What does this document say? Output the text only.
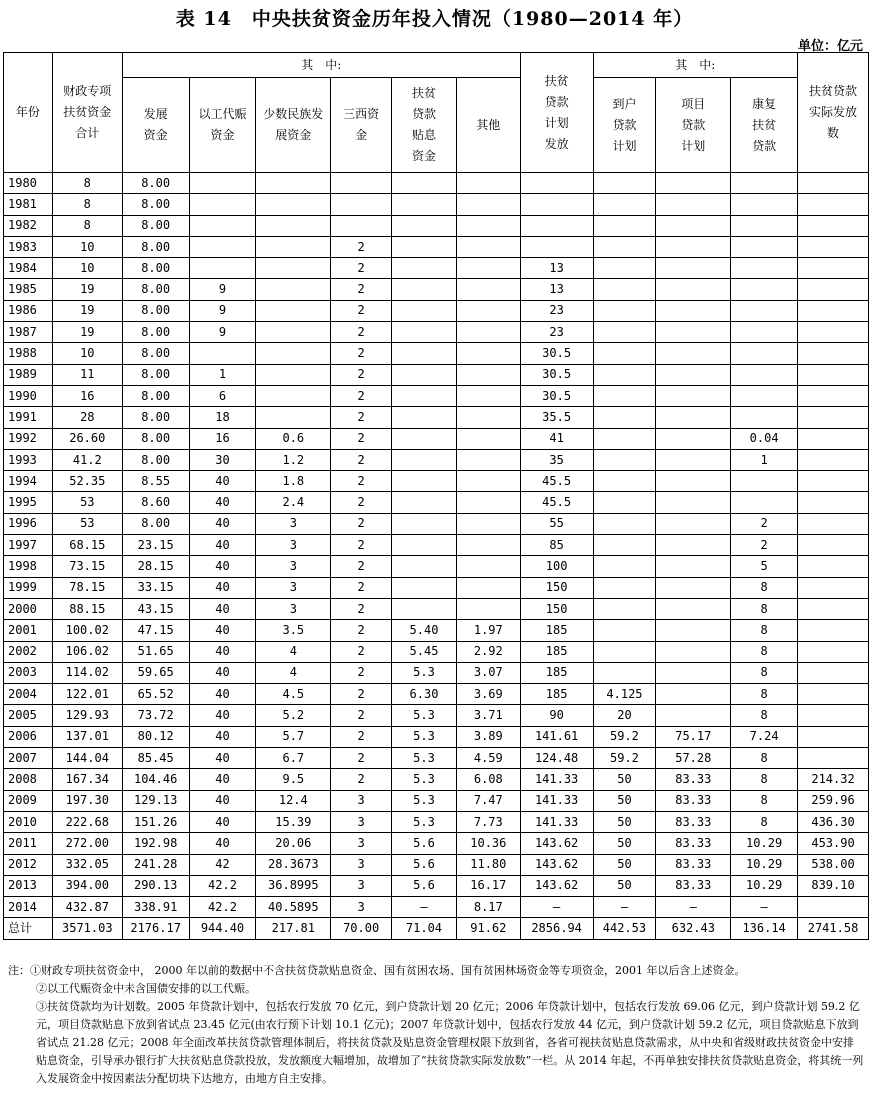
表 14　中央扶贫资金历年投入情况（1980—2014 年）
单位：亿元
年份	财政专项扶贫资金合计	其　中:						扶贫贷款计划发放	其　中:			扶贫贷款实际发放数
		发展资金	以工代赈资金	少数民族发展资金	三西资金	扶贫贷款贴息资金	其他		到户贷款计划	项目贷款计划	康复扶贫贷款	
1980	8	8.00										
1981	8	8.00										
1982	8	8.00										
1983	10	8.00			2							
1984	10	8.00			2			13				
1985	19	8.00	9		2			13				
1986	19	8.00	9		2			23				
1987	19	8.00	9		2			23				
1988	10	8.00			2			30.5				
1989	11	8.00	1		2			30.5				
1990	16	8.00	6		2			30.5				
1991	28	8.00	18		2			35.5				
1992	26.60	8.00	16	0.6	2			41			0.04	
1993	41.2	8.00	30	1.2	2			35			1	
1994	52.35	8.55	40	1.8	2			45.5				
1995	53	8.60	40	2.4	2			45.5				
1996	53	8.00	40	3	2			55			2	
1997	68.15	23.15	40	3	2			85			2	
1998	73.15	28.15	40	3	2			100			5	
1999	78.15	33.15	40	3	2			150			8	
2000	88.15	43.15	40	3	2			150			8	
2001	100.02	47.15	40	3.5	2	5.40	1.97	185			8	
2002	106.02	51.65	40	4	2	5.45	2.92	185			8	
2003	114.02	59.65	40	4	2	5.3	3.07	185			8	
2004	122.01	65.52	40	4.5	2	6.30	3.69	185	4.125		8	
2005	129.93	73.72	40	5.2	2	5.3	3.71	90	20		8	
2006	137.01	80.12	40	5.7	2	5.3	3.89	141.61	59.2	75.17	7.24	
2007	144.04	85.45	40	6.7	2	5.3	4.59	124.48	59.2	57.28	8	
2008	167.34	104.46	40	9.5	2	5.3	6.08	141.33	50	83.33	8	214.32
2009	197.30	129.13	40	12.4	3	5.3	7.47	141.33	50	83.33	8	259.96
2010	222.68	151.26	40	15.39	3	5.3	7.73	141.33	50	83.33	8	436.30
2011	272.00	192.98	40	20.06	3	5.6	10.36	143.62	50	83.33	10.29	453.90
2012	332.05	241.28	42	28.3673	3	5.6	11.80	143.62	50	83.33	10.29	538.00
2013	394.00	290.13	42.2	36.8995	3	5.6	16.17	143.62	50	83.33	10.29	839.10
2014	432.87	338.91	42.2	40.5895	3	—	8.17	—	—	—	—	
总计	3571.03	2176.17	944.40	217.81	70.00	71.04	91.62	2856.94	442.53	632.43	136.14	2741.58

注：①财政专项扶贫资金中， 2000 年以前的数据中不含扶贫贷款贴息资金、国有贫困农场、国有贫困林场资金等专项资金，2001 年以后含上述资金。

②以工代赈资金中未含国债安排的以工代赈。

③扶贫贷款均为计划数。2005 年贷款计划中，包括农行发放 70 亿元，到户贷款计划 20 亿元；2006 年贷款计划中，包括农行发放 69.06 亿元，到户贷款计划 59.2 亿元，项目贷款贴息下放到省试点 23.45 亿元(由农行预下计划 10.1 亿元)；2007 年贷款计划中，包括农行发放 44 亿元，到户贷款计划 59.2 亿元，项目贷款贴息下放到省试点 21.28 亿元；2008 年全面改革扶贫贷款管理体制后，将扶贫贷款及贴息资金管理权限下放到省，各省可视扶贫贴息贷款需求，从中央和省级财政扶贫资金中安排贴息资金，引导承办银行扩大扶贫贴息贷款投放，发放额度大幅增加，故增加了“扶贫贷款实际发放数”一栏。从 2014 年起，不再单独安排扶贫贷款贴息资金，将其统一列入发展资金中按因素法分配切块下达地方，由地方自主安排。
